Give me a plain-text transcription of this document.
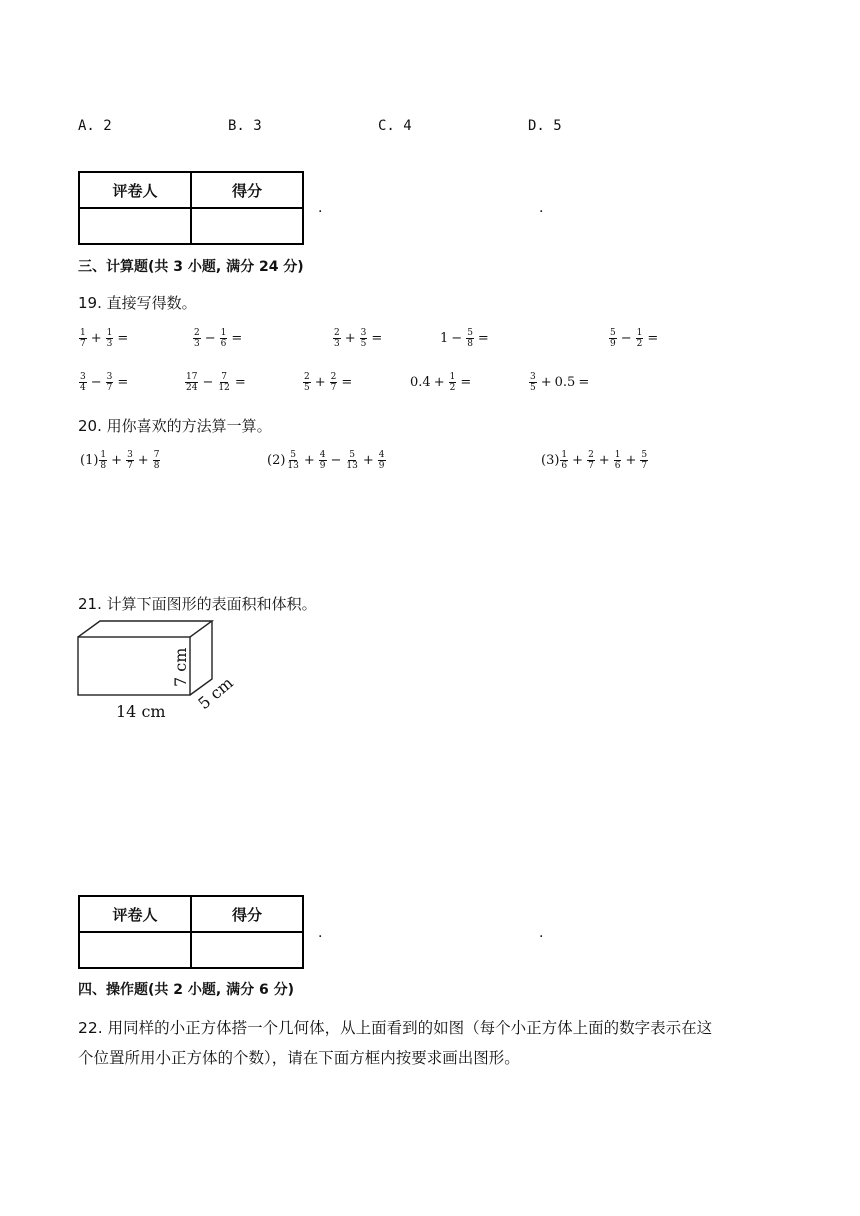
A. 2	B. 3	C. 4	D. 5
评卷人	得分

.	.
三、计算题(共 3 小题, 满分 24 分)
19. 直接写得数。
$\frac{1}{7} + \frac{1}{3}$ =	$\frac{2}{3} - \frac{1}{6}$ =	$\frac{2}{3} + \frac{3}{5}$ =	$1 - \frac{5}{8}$ =	$\frac{5}{9} - \frac{1}{2}$ =
$\frac{3}{4} - \frac{3}{7}$ =	$\frac{17}{24} - \frac{7}{12}$ =	$\frac{2}{5} + \frac{2}{7}$ =	$0.4 + \frac{1}{2}$ =	$\frac{3}{5} + 0.5$ =
20. 用你喜欢的方法算一算。
$(1) \frac{1}{8} + \frac{3}{7} + \frac{7}{8}$	$(2) \frac{5}{13} + \frac{4}{9} - \frac{5}{13} + \frac{4}{9}$	$(3) \frac{1}{6} + \frac{2}{7} + \frac{1}{6} + \frac{5}{7}$
21. 计算下面图形的表面积和体积。
14 cm
7 cm
5 cm
评卷人	得分

.	.
四、操作题(共 2 小题, 满分 6 分)
22. 用同样的小正方体搭一个几何体，从上面看到的如图（每个小正方体上面的数字表示在这
个位置所用小正方体的个数），请在下面方框内按要求画出图形。
